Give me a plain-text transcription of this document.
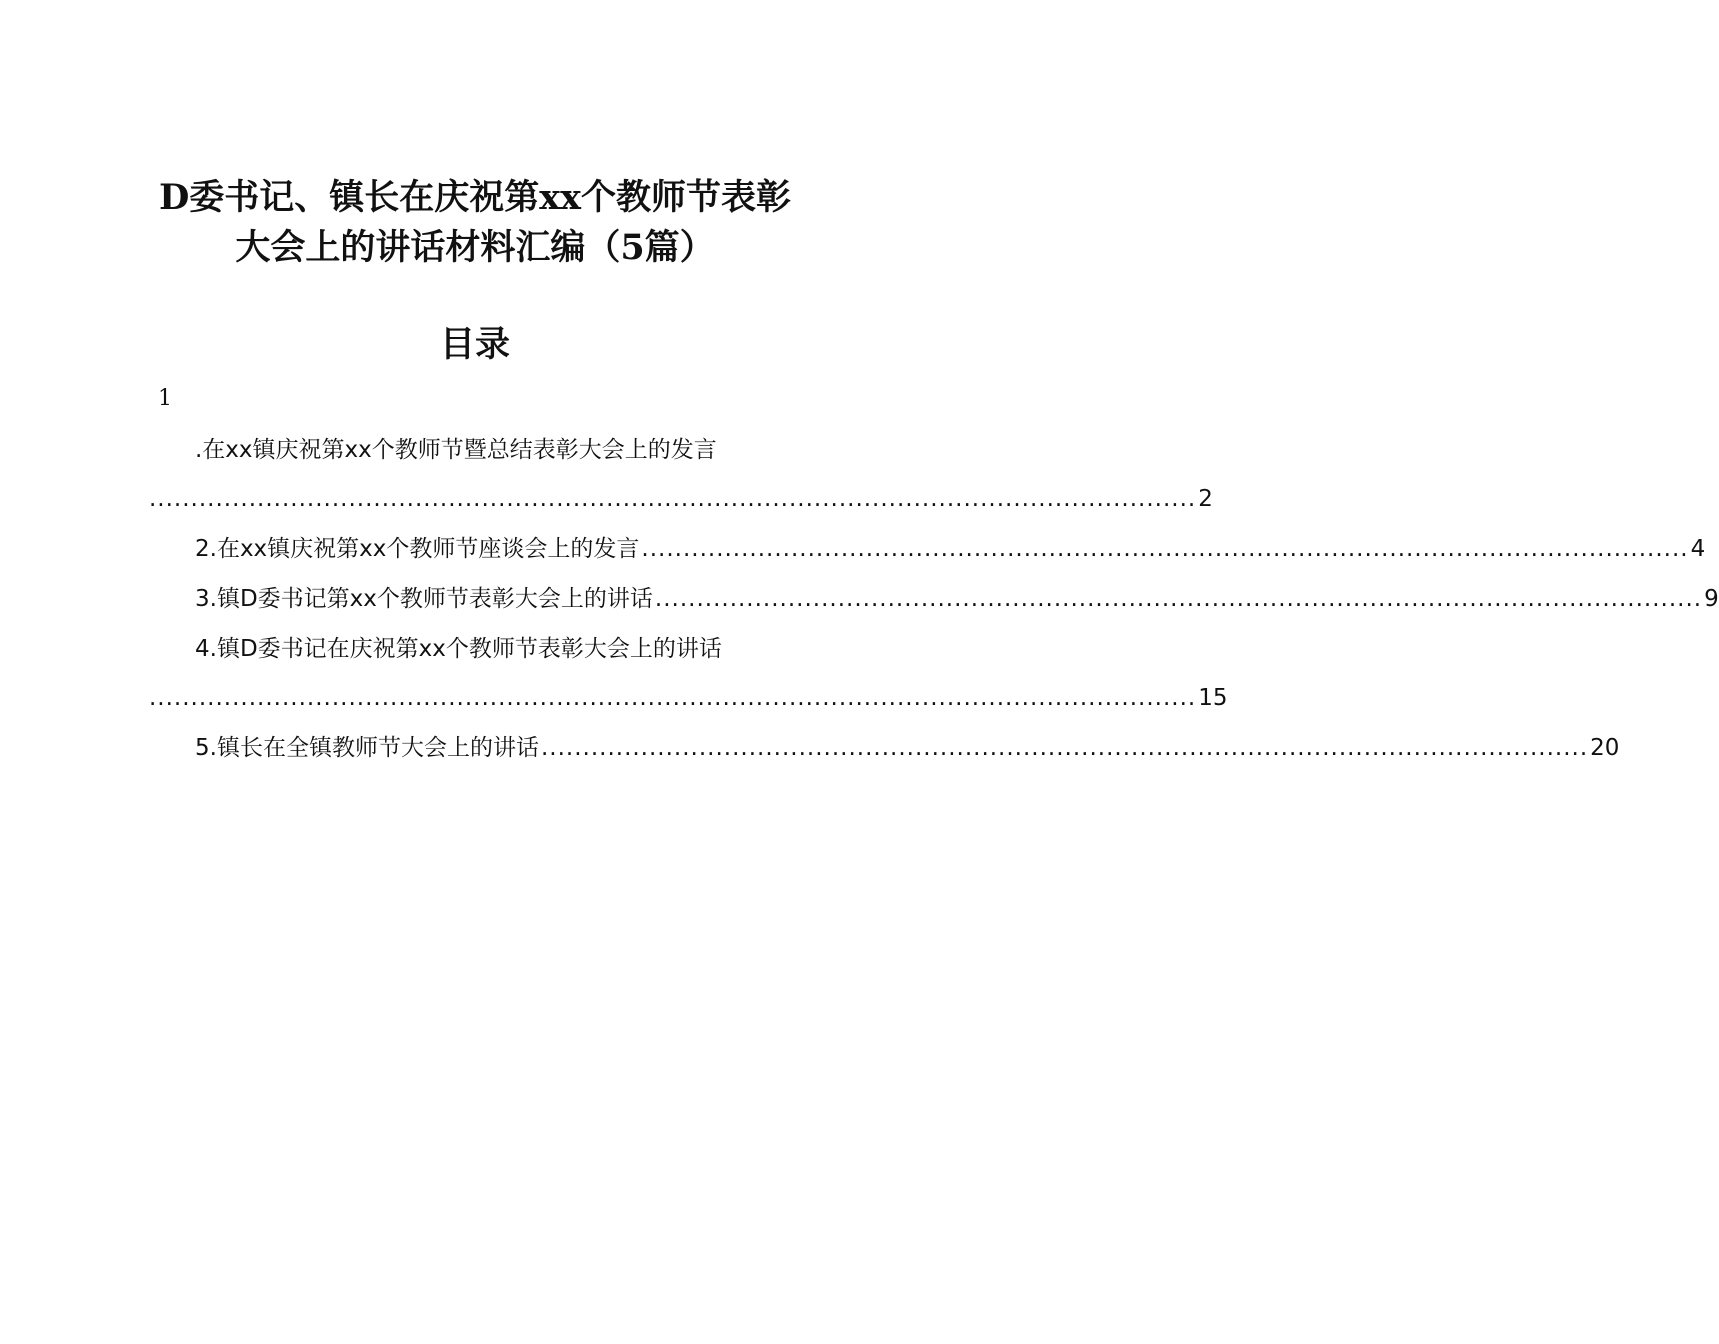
D委书记、镇长在庆祝第xx个教师节表彰
大会上的讲话材料汇编（5篇）
目录
1
.在xx镇庆祝第xx个教师节暨总结表彰大会上的发言
.............................................................................................................................. 2
2.在xx镇庆祝第xx个教师节座谈会上的发言 .............................................................................................................................. 4
3.镇D委书记第xx个教师节表彰大会上的讲话 .............................................................................................................................. 9
4.镇D委书记在庆祝第xx个教师节表彰大会上的讲话
.............................................................................................................................. 15
5.镇长在全镇教师节大会上的讲话 .............................................................................................................................. 20
